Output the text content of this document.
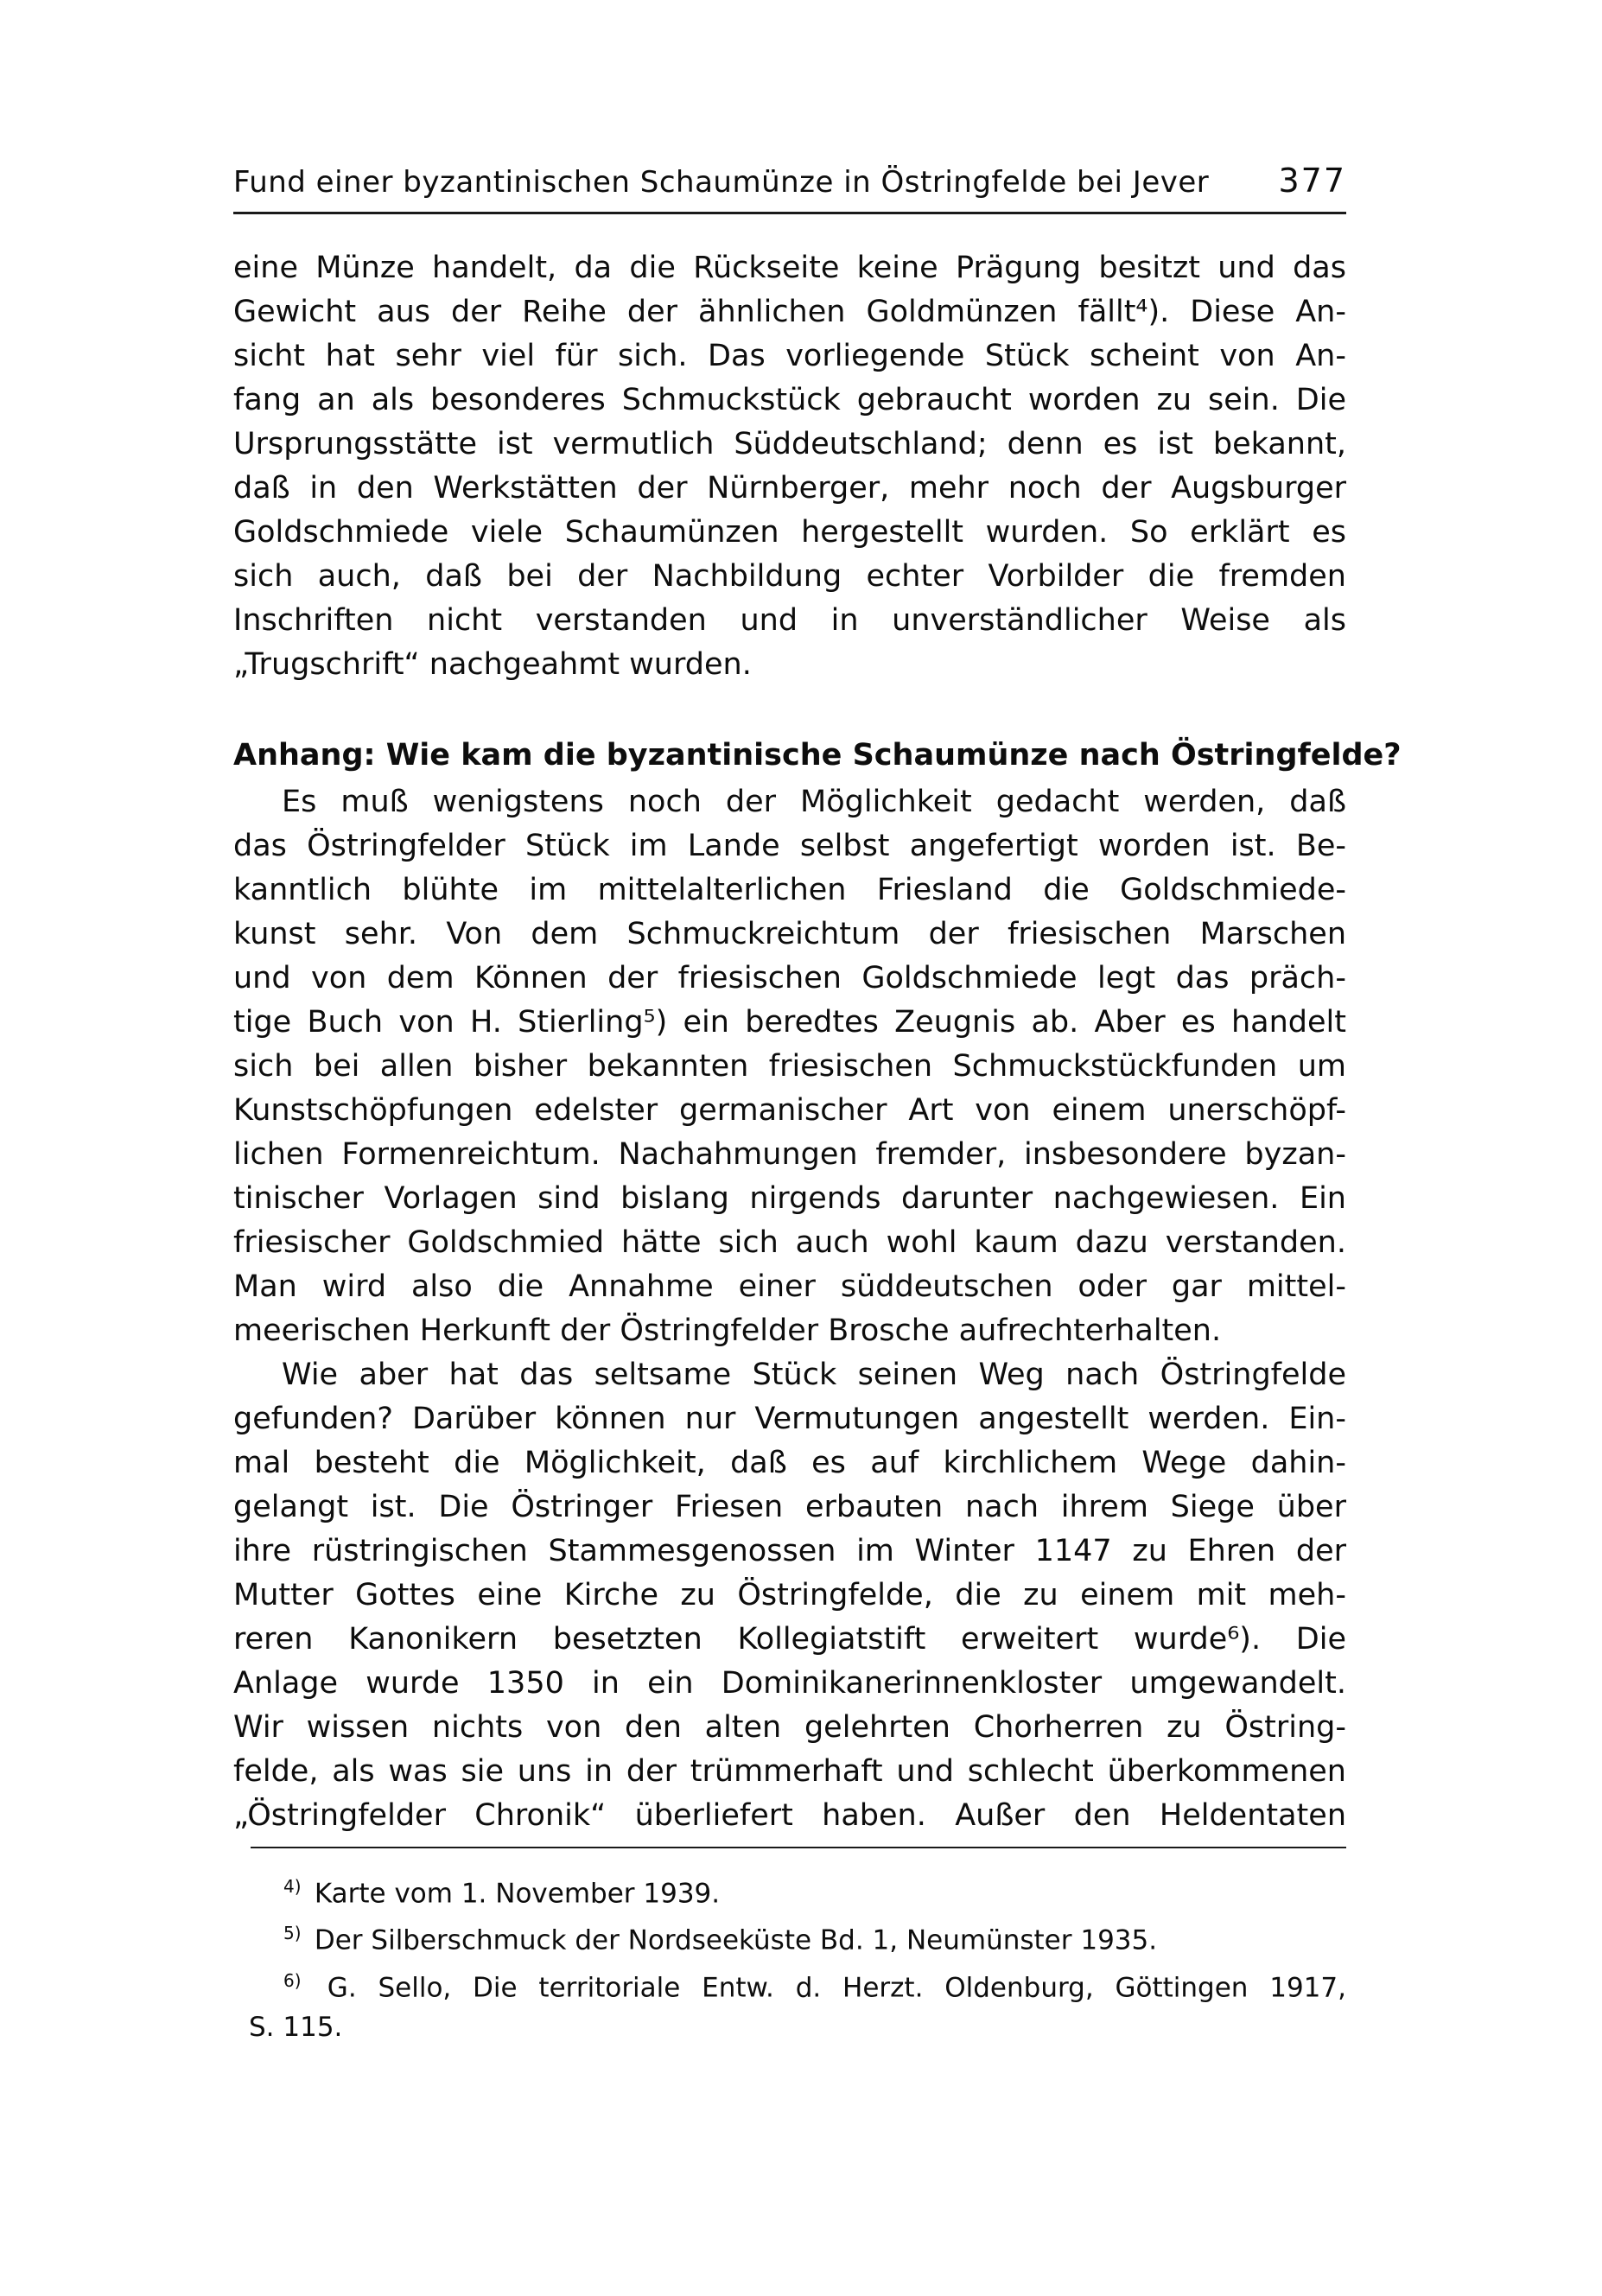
Fund einer byzantinischen Schaumünze in Östringfelde bei Jever 377
eine Münze handelt, da die Rückseite keine Prägung besitzt und das
Gewicht aus der Reihe der ähnlichen Goldmünzen fällt⁴). Diese An-
sicht hat sehr viel für sich. Das vorliegende Stück scheint von An-
fang an als besonderes Schmuckstück gebraucht worden zu sein. Die
Ursprungsstätte ist vermutlich Süddeutschland; denn es ist bekannt,
daß in den Werkstätten der Nürnberger, mehr noch der Augsburger
Goldschmiede viele Schaumünzen hergestellt wurden. So erklärt es
sich auch, daß bei der Nachbildung echter Vorbilder die fremden
Inschriften nicht verstanden und in unverständlicher Weise als
„Trugschrift“ nachgeahmt wurden.
Anhang: Wie kam die byzantinische Schaumünze nach Östringfelde?
Es muß wenigstens noch der Möglichkeit gedacht werden, daß
das Östringfelder Stück im Lande selbst angefertigt worden ist. Be-
kanntlich blühte im mittelalterlichen Friesland die Goldschmiede-
kunst sehr. Von dem Schmuckreichtum der friesischen Marschen
und von dem Können der friesischen Goldschmiede legt das präch-
tige Buch von H. Stierling⁵) ein beredtes Zeugnis ab. Aber es handelt
sich bei allen bisher bekannten friesischen Schmuckstückfunden um
Kunstschöpfungen edelster germanischer Art von einem unerschöpf-
lichen Formenreichtum. Nachahmungen fremder, insbesondere byzan-
tinischer Vorlagen sind bislang nirgends darunter nachgewiesen. Ein
friesischer Goldschmied hätte sich auch wohl kaum dazu verstanden.
Man wird also die Annahme einer süddeutschen oder gar mittel-
meerischen Herkunft der Östringfelder Brosche aufrechterhalten.
Wie aber hat das seltsame Stück seinen Weg nach Östringfelde
gefunden? Darüber können nur Vermutungen angestellt werden. Ein-
mal besteht die Möglichkeit, daß es auf kirchlichem Wege dahin-
gelangt ist. Die Östringer Friesen erbauten nach ihrem Siege über
ihre rüstringischen Stammesgenossen im Winter 1147 zu Ehren der
Mutter Gottes eine Kirche zu Östringfelde, die zu einem mit meh-
reren Kanonikern besetzten Kollegiatstift erweitert wurde⁶). Die
Anlage wurde 1350 in ein Dominikanerinnenkloster umgewandelt.
Wir wissen nichts von den alten gelehrten Chorherren zu Östring-
felde, als was sie uns in der trümmerhaft und schlecht überkommenen
„Östringfelder Chronik“ überliefert haben. Außer den Heldentaten
4) Karte vom 1. November 1939.
5) Der Silberschmuck der Nordseeküste Bd. 1, Neumünster 1935.
6) G. Sello, Die territoriale Entw. d. Herzt. Oldenburg, Göttingen 1917,
S. 115.
